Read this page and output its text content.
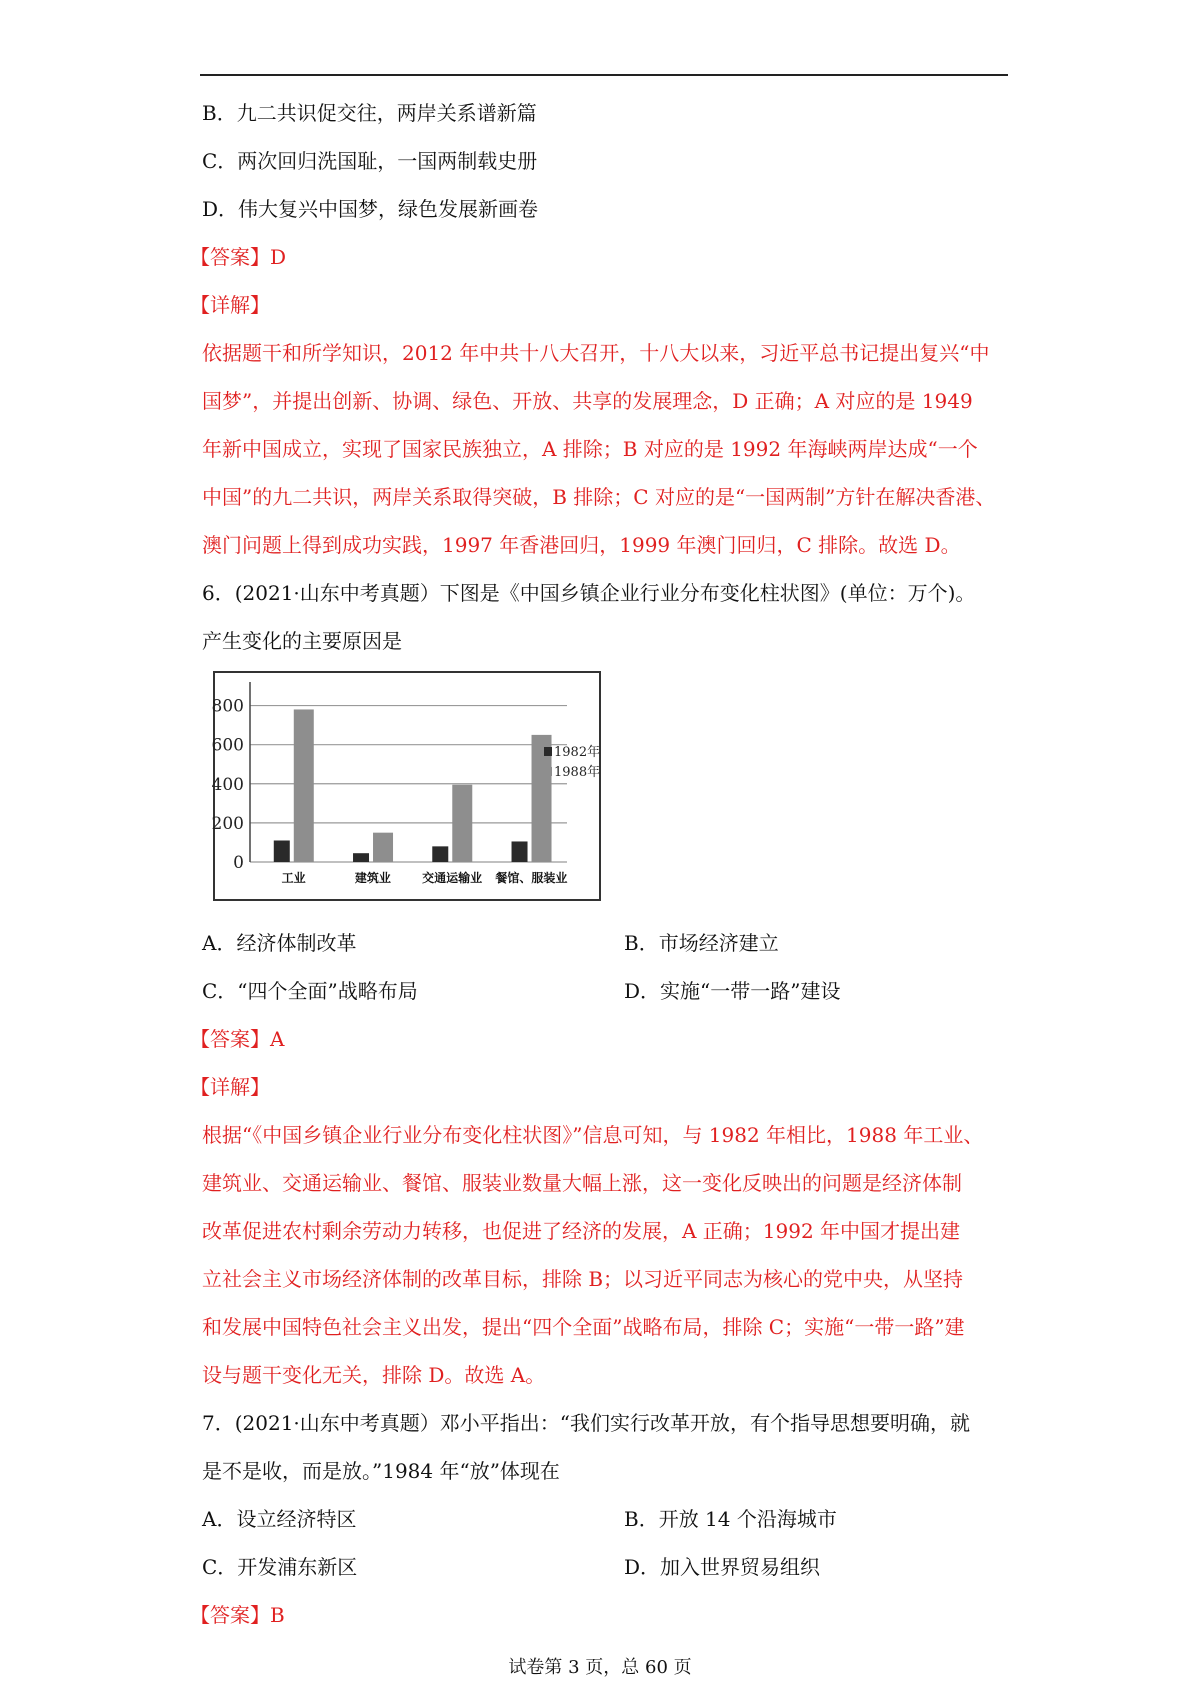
B．九二共识促交往，两岸关系谱新篇
C．两次回归洗国耻，一国两制载史册
D．伟大复兴中国梦，绿色发展新画卷
【答案】D
【详解】
依据题干和所学知识，2012 年中共十八大召开，十八大以来，习近平总书记提出复兴“中
国梦”，并提出创新、协调、绿色、开放、共享的发展理念，D 正确；A 对应的是 1949
年新中国成立，实现了国家民族独立，A 排除；B 对应的是 1992 年海峡两岸达成“一个
中国”的九二共识，两岸关系取得突破，B 排除；C 对应的是“一国两制”方针在解决香港、
澳门问题上得到成功实践，1997 年香港回归，1999 年澳门回归，C 排除。故选 D。
6．(2021·山东中考真题）下图是《中国乡镇企业行业分布变化柱状图》(单位：万个)。
产生变化的主要原因是
0
200
400
600
800
工业	建筑业	交通运输业 餐馆、服装业
1982年
1988年
A．经济体制改革	B．市场经济建立
C．“四个全面”战略布局	D．实施“一带一路”建设
【答案】A
【详解】
根据“《中国乡镇企业行业分布变化柱状图》”信息可知，与 1982 年相比，1988 年工业、
建筑业、交通运输业、餐馆、服装业数量大幅上涨，这一变化反映出的问题是经济体制
改革促进农村剩余劳动力转移，也促进了经济的发展，A 正确；1992 年中国才提出建
立社会主义市场经济体制的改革目标，排除 B；以习近平同志为核心的党中央，从坚持
和发展中国特色社会主义出发，提出“四个全面”战略布局，排除 C；实施“一带一路”建
设与题干变化无关，排除 D。故选 A。
7．(2021·山东中考真题）邓小平指出：“我们实行改革开放，有个指导思想要明确，就
是不是收，而是放。”1984 年“放”体现在
A．设立经济特区	B．开放 14 个沿海城市
C．开发浦东新区	D．加入世界贸易组织
【答案】B
试卷第 3 页，总 60 页
